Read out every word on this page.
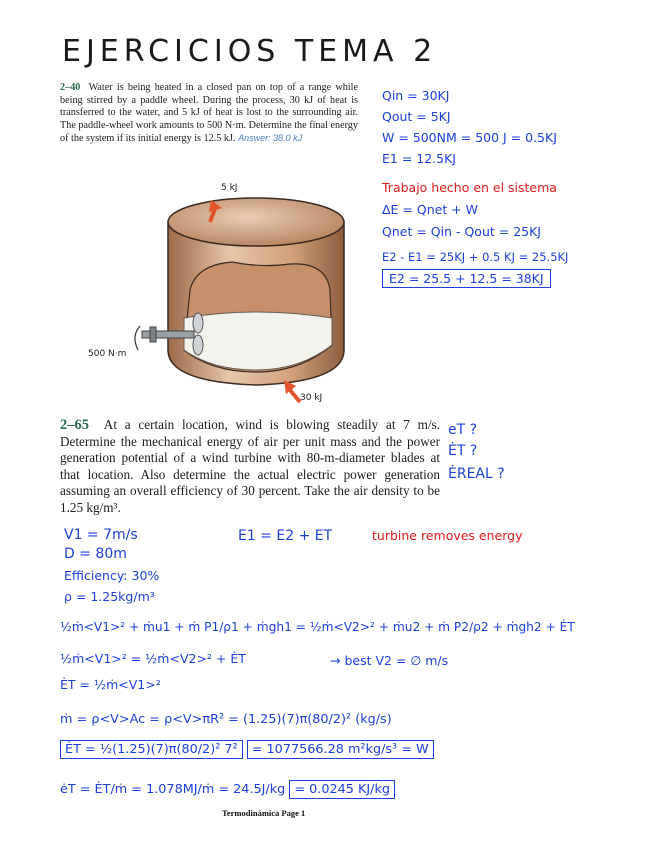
EJERCICIOS TEMA 2
2–40 Water is being heated in a closed pan on top of a range while being stirred by a paddle wheel. During the process, 30 kJ of heat is transferred to the water, and 5 kJ of heat is lost to the surrounding air. The paddle-wheel work amounts to 500 N·m. Determine the final energy of the system if its initial energy is 12.5 kJ. Answer: 38.0 kJ
5 kJ
500 N·m
30 kJ
Qin = 30KJ
Qout = 5KJ
W = 500NM = 500 J = 0.5KJ
E1 = 12.5KJ
Trabajo hecho en el sistema
ΔE = Qnet + W
Qnet = Qin - Qout = 25KJ
E2 - E1 = 25KJ + 0.5 KJ = 25.5KJ
E2 = 25.5 + 12.5 = 38KJ
2–65 At a certain location, wind is blowing steadily at 7 m/s. Determine the mechanical energy of air per unit mass and the power generation potential of a wind turbine with 80-m-diameter blades at that location. Also determine the actual electric power generation assuming an overall efficiency of 30 percent. Take the air density to be 1.25 kg/m³.
eT ?
ĖT ?
ĖREAL ?
V1 = 7m/s
D = 80m
Efficiency: 30%
ρ = 1.25kg/m³
E1 = E2 + ET	turbine removes energy
½ṁ<V1>² + ṁu1 + ṁ P1/ρ1 + ṁgh1 = ½ṁ<V2>² + ṁu2 + ṁ P2/ρ2 + ṁgh2 + ĖT
½ṁ<V1>² = ½ṁ<V2>² + ĖT	→ best V2 = ∅ m/s
ĖT = ½ṁ<V1>²
ṁ = ρ<V>Ac = ρ<V>πR² = (1.25)(7)π(80/2)² (kg/s)
ĖT = ½(1.25)(7)π(80/2)² 7² = 1077566.28 m²kg/s³ = W
ėT = ĖT/ṁ = 1.078MJ/ṁ = 24.5J/kg = 0.0245 KJ/kg
Termodinámica Page 1
